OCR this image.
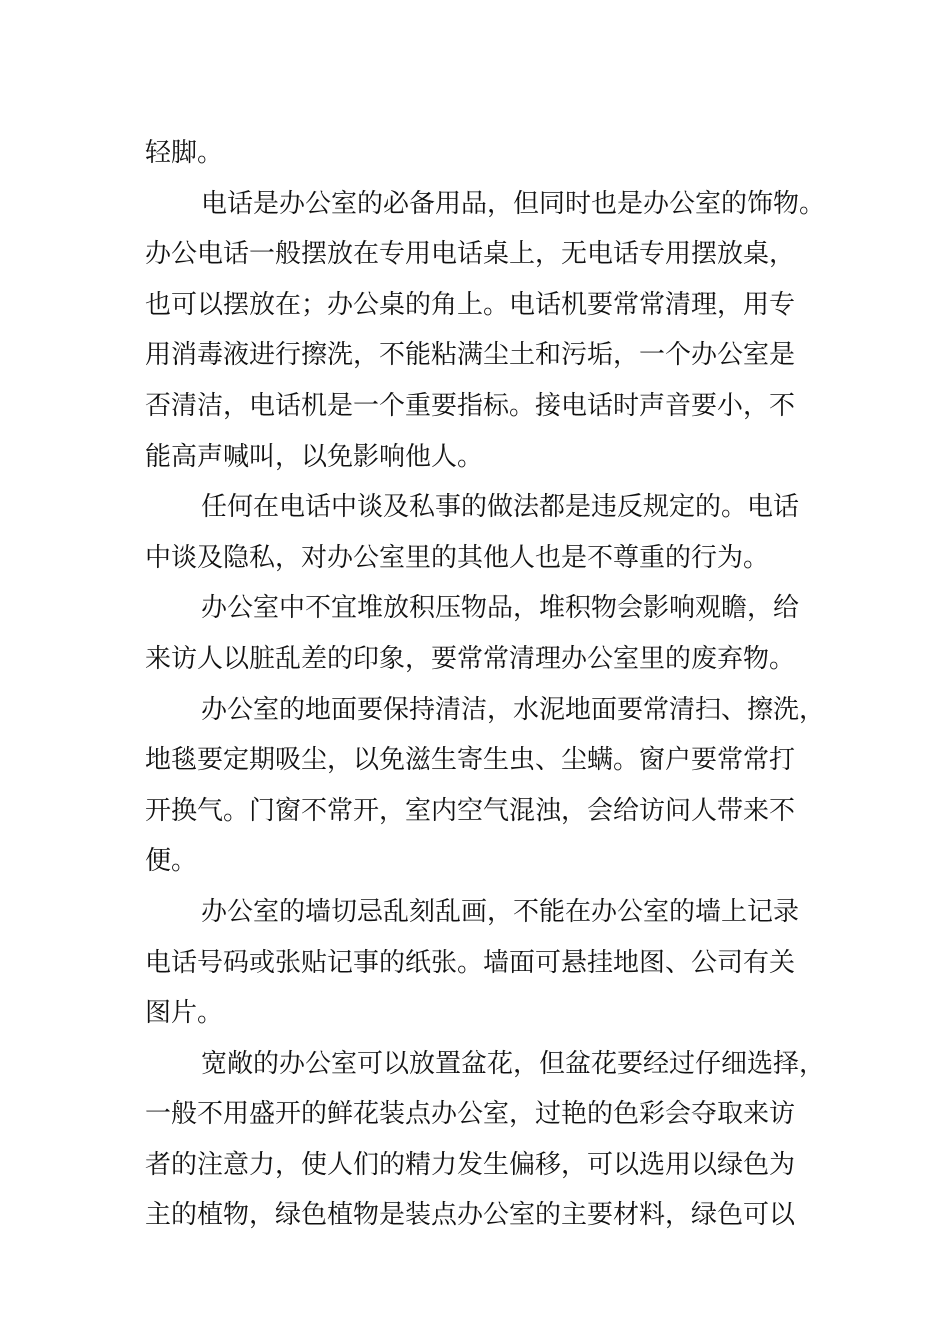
轻脚。
电话是办公室的必备用品，但同时也是办公室的饰物。
办公电话一般摆放在专用电话桌上，无电话专用摆放桌，
也可以摆放在；办公桌的角上。电话机要常常清理，用专
用消毒液进行擦洗，不能粘满尘土和污垢，一个办公室是
否清洁，电话机是一个重要指标。接电话时声音要小，不
能高声喊叫，以免影响他人。
任何在电话中谈及私事的做法都是违反规定的。电话
中谈及隐私，对办公室里的其他人也是不尊重的行为。
办公室中不宜堆放积压物品，堆积物会影响观瞻，给
来访人以脏乱差的印象，要常常清理办公室里的废弃物。
办公室的地面要保持清洁，水泥地面要常清扫、擦洗，
地毯要定期吸尘，以免滋生寄生虫、尘螨。窗户要常常打
开换气。门窗不常开，室内空气混浊，会给访问人带来不
便。
办公室的墙切忌乱刻乱画，不能在办公室的墙上记录
电话号码或张贴记事的纸张。墙面可悬挂地图、公司有关
图片。
宽敞的办公室可以放置盆花，但盆花要经过仔细选择，
一般不用盛开的鲜花装点办公室，过艳的色彩会夺取来访
者的注意力，使人们的精力发生偏移，可以选用以绿色为
主的植物，绿色植物是装点办公室的主要材料，绿色可以
